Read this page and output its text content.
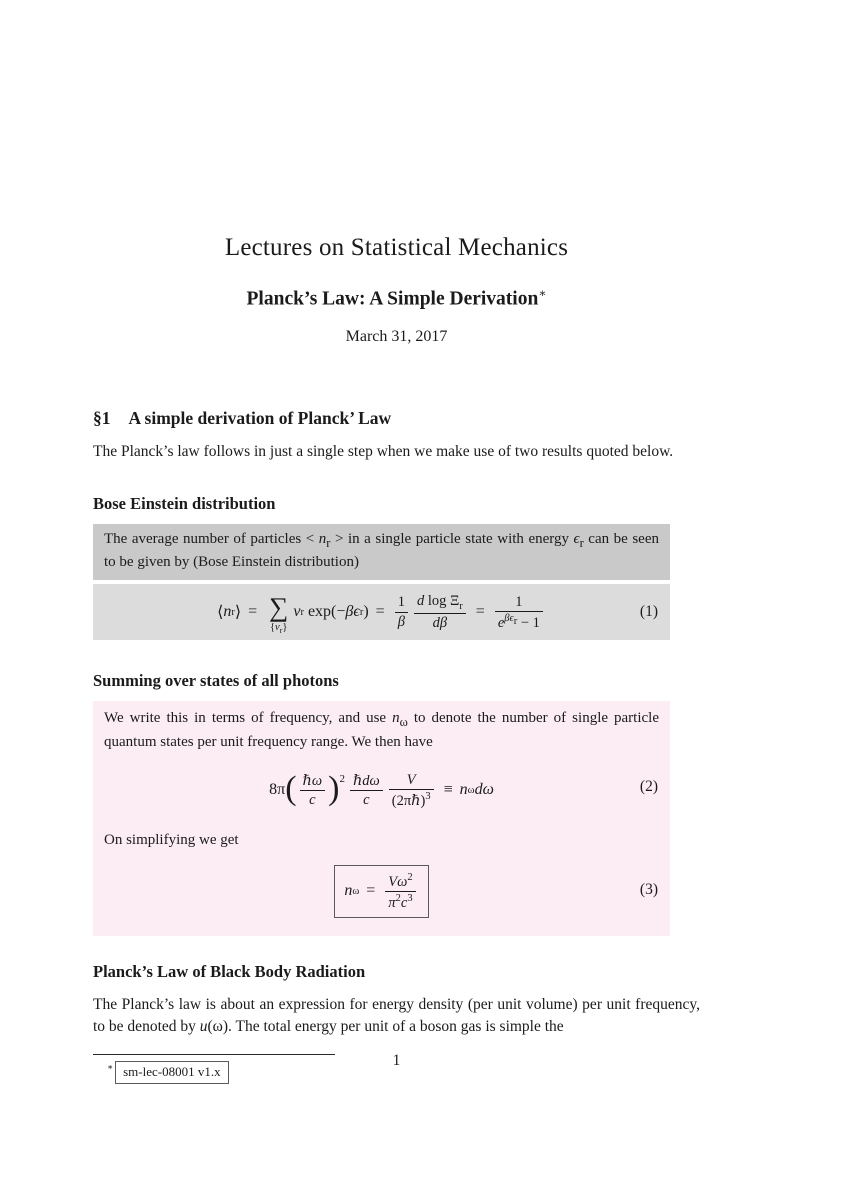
Lectures on Statistical Mechanics
Planck’s Law: A Simple Derivation∗
March 31, 2017
§1 A simple derivation of Planck’ Law

The Planck’s law follows in just a single step when we make use of two results quoted below.

Bose Einstein distribution
The average number of particles < $n_r$ > in a single particle state with energy $\epsilon_r$ can be seen to be given by (Bose Einstein distribution)
⟨ n r ⟩ = ∑
$\{\nu_r\}$
ν r exp(− βϵ r ) = $\frac{1}{\beta} \frac{d \log \Xi_r}{d\beta} = \frac{1}{e^{\beta\epsilon_r} - 1}$	(1)
Summing over states of all photons
We write this in terms of frequency, and use $n_\omega$ to denote the number of single particle quantum states per unit frequency range. We then have
8π ( $\frac{\text{ℏω}}{c}$ ) $2 \frac{\text{ℏdω}}{c} \frac{V}{(2\pi\hbar)^3} \equiv n$ ω dω	(2)
On simplifying we get
n $\omega = \frac{V\omega^2}{\pi^2c^3}$	(3)
Planck’s Law of Black Body Radiation

The Planck’s law is about an expression for energy density (per unit volume) per unit frequency, to be denoted by u(ω). The total energy per unit of a boson gas is simple the

∗ sm-lec-08001 v1.x
1
